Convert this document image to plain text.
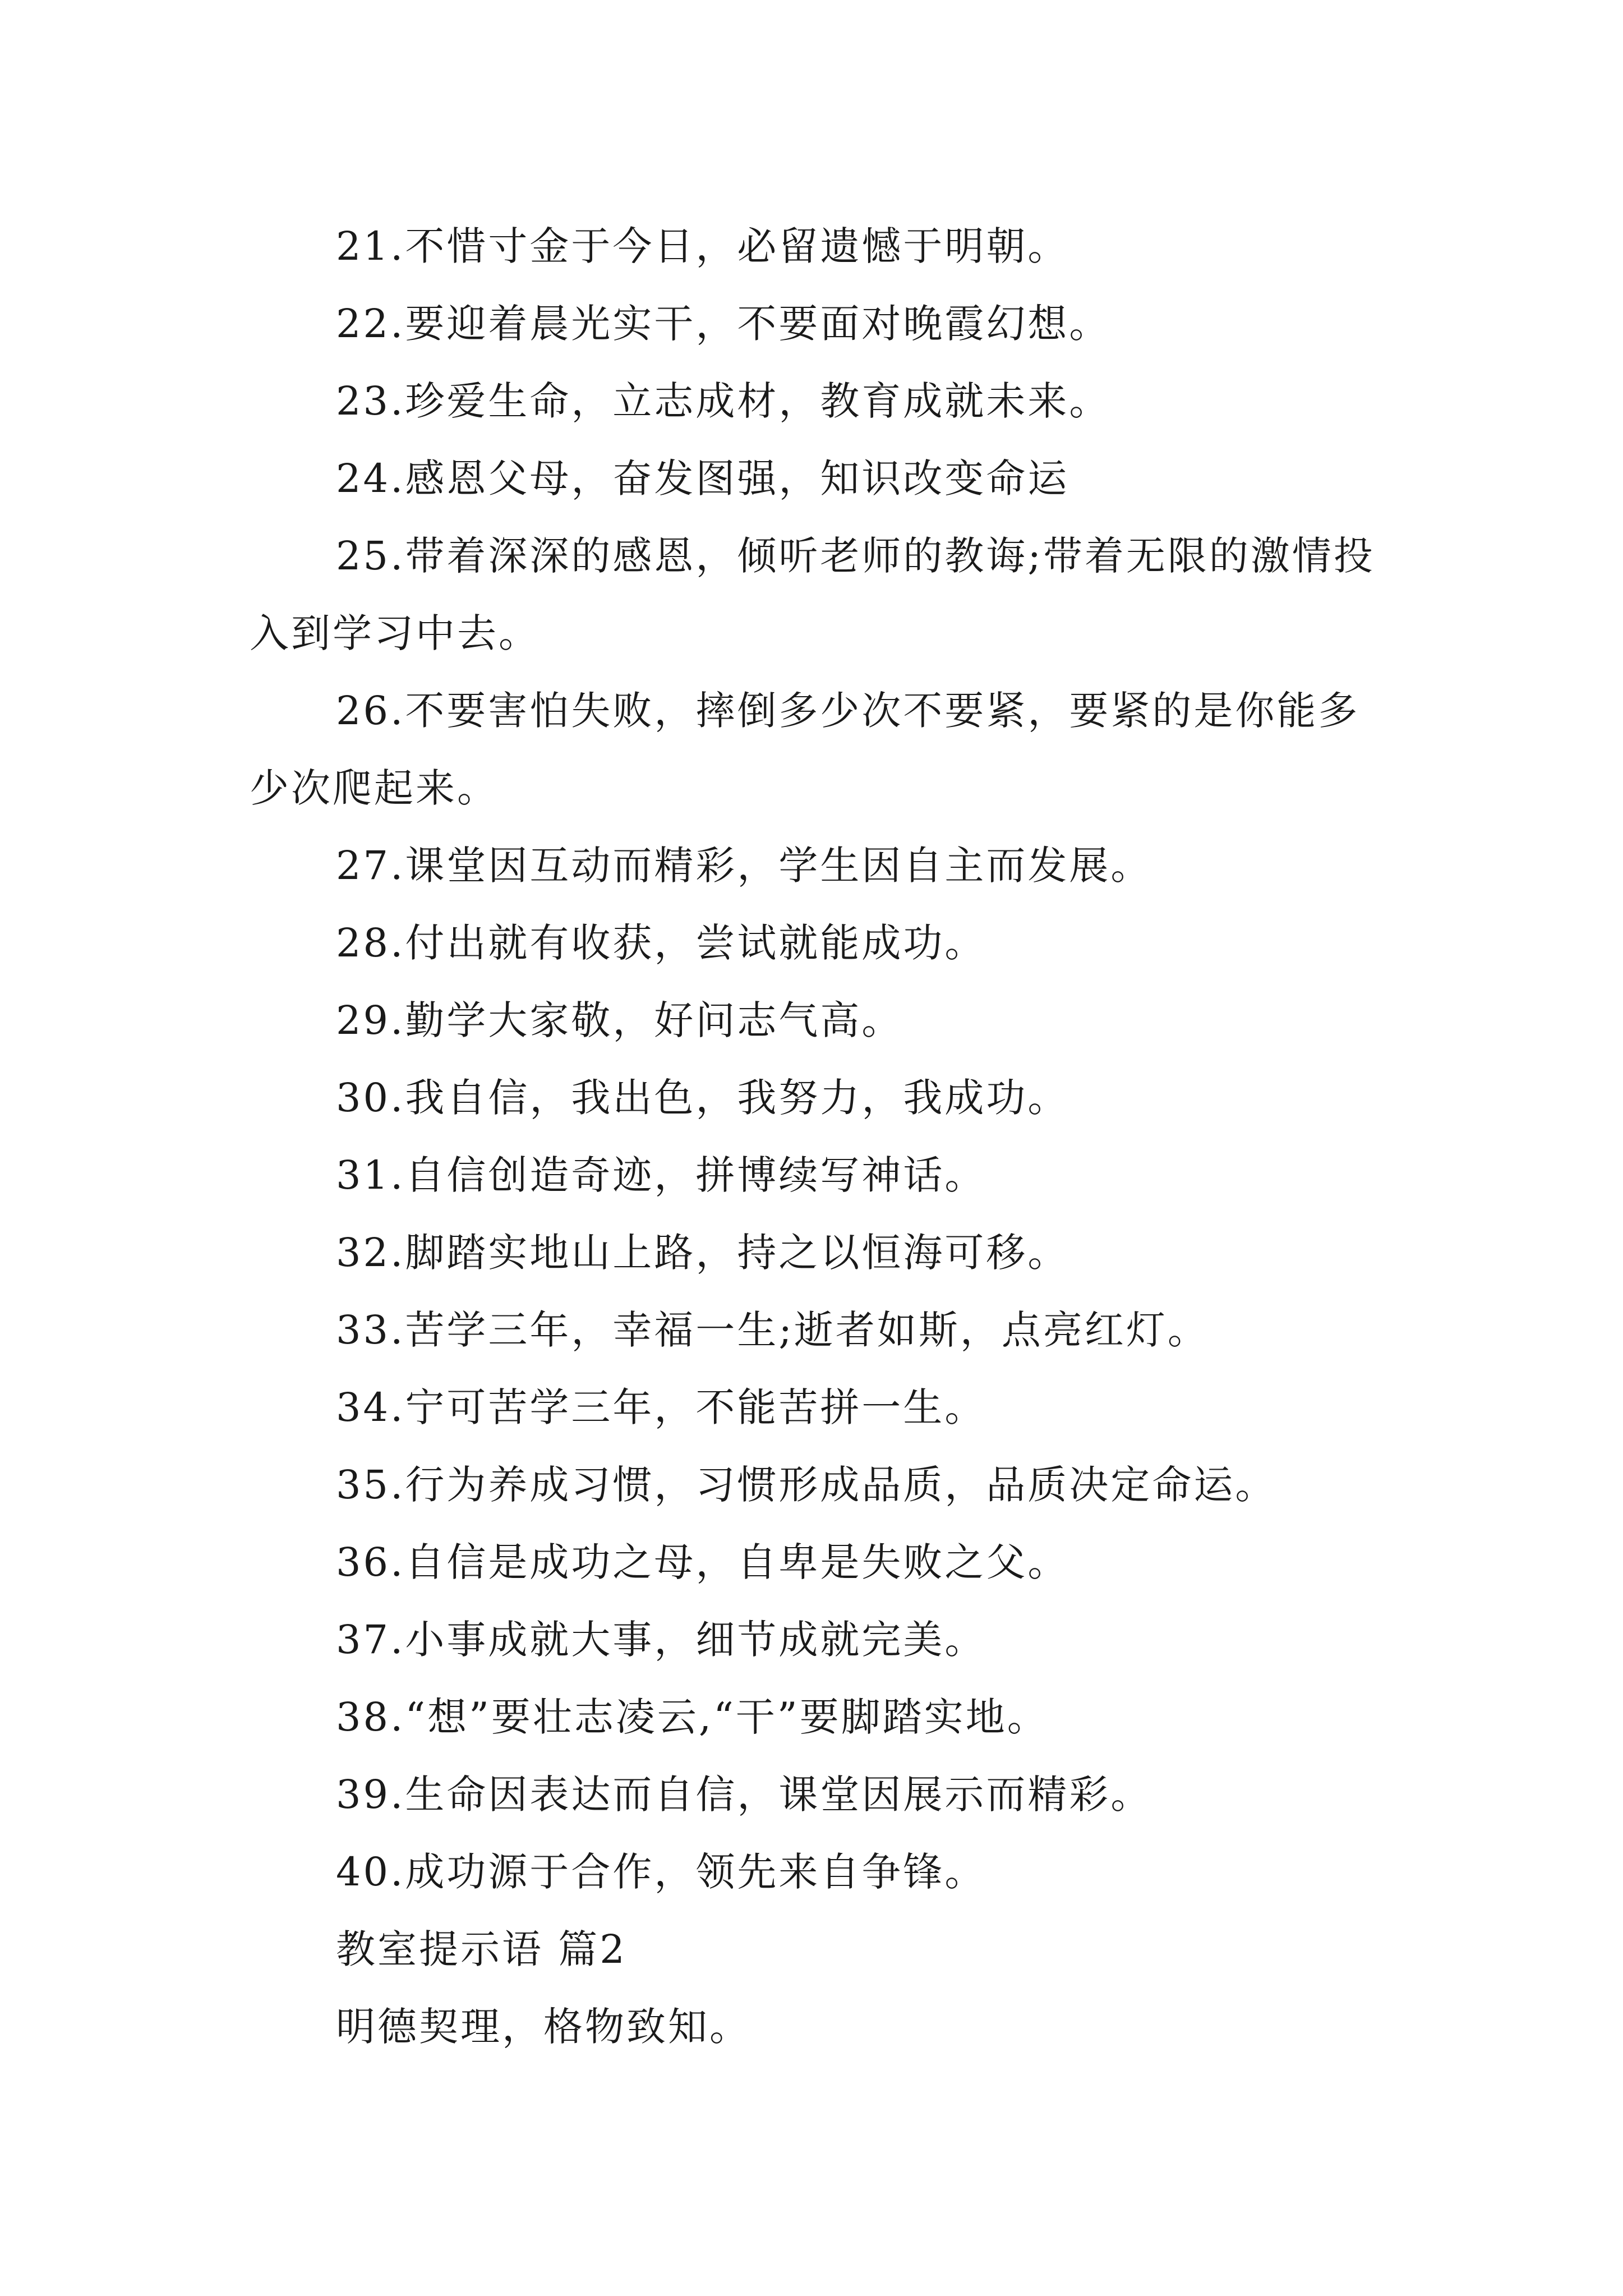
21.不惜寸金于今日，必留遗憾于明朝。

22.要迎着晨光实干，不要面对晚霞幻想。

23.珍爱生命，立志成材，教育成就未来。

24.感恩父母，奋发图强，知识改变命运

25.带着深深的感恩，倾听老师的教诲;带着无限的激情投入到学习中去。

26.不要害怕失败，摔倒多少次不要紧，要紧的是你能多少次爬起来。

27.课堂因互动而精彩，学生因自主而发展。

28.付出就有收获，尝试就能成功。

29.勤学大家敬，好问志气高。

30.我自信，我出色，我努力，我成功。

31.自信创造奇迹，拼博续写神话。

32.脚踏实地山上路，持之以恒海可移。

33.苦学三年，幸福一生;逝者如斯，点亮红灯。

34.宁可苦学三年，不能苦拼一生。

35.行为养成习惯，习惯形成品质，品质决定命运。

36.自信是成功之母，自卑是失败之父。

37.小事成就大事，细节成就完美。

38.“想”要壮志凌云,“干”要脚踏实地。

39.生命因表达而自信，课堂因展示而精彩。

40.成功源于合作，领先来自争锋。

教室提示语 篇2

明德契理，格物致知。
